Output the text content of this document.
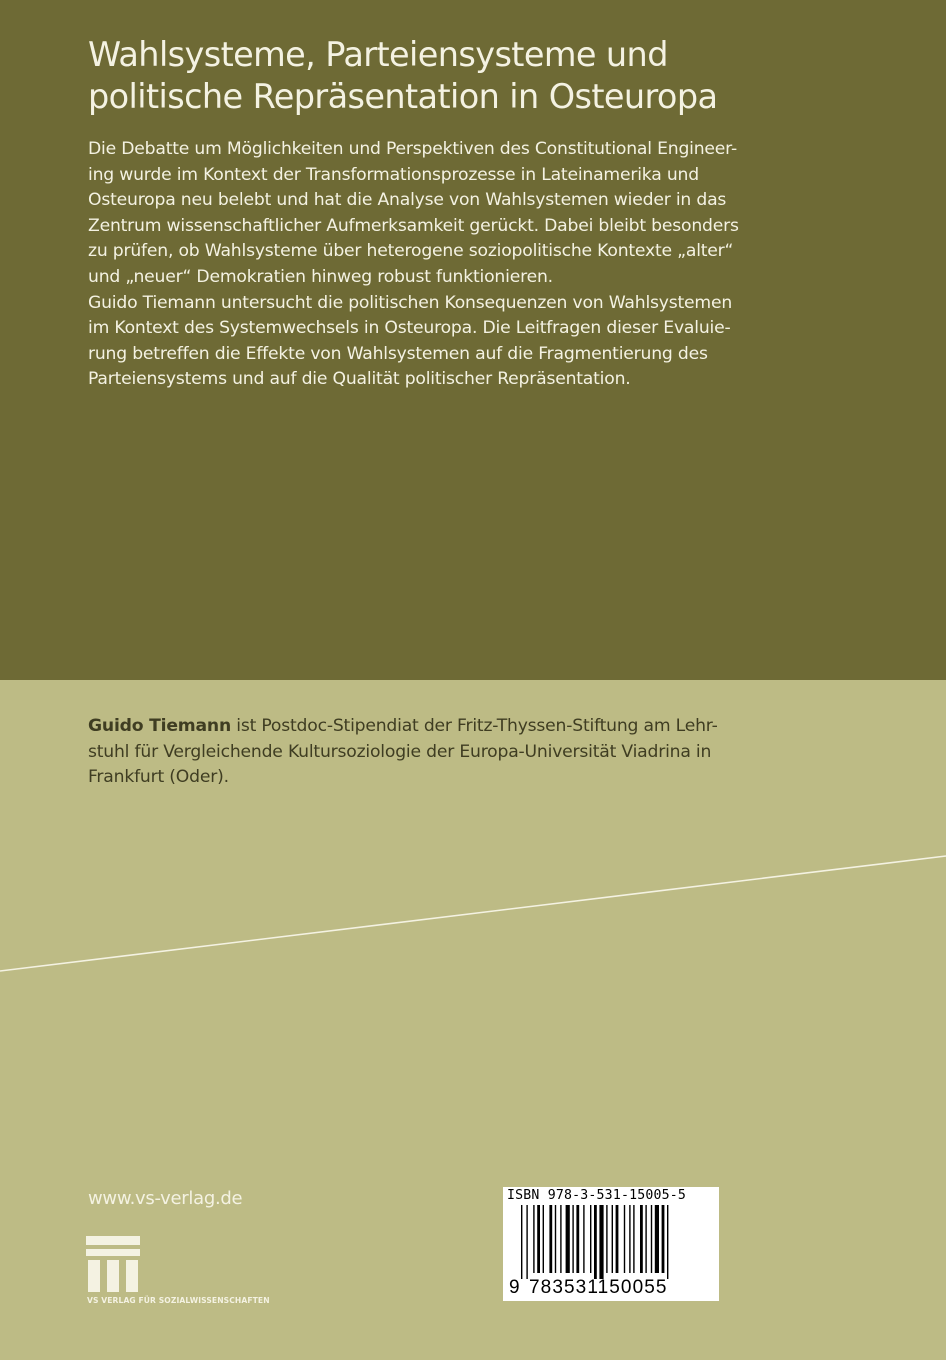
Wahlsysteme, Parteiensysteme und
politische Repräsentation in Osteuropa
Die Debatte um Möglichkeiten und Perspektiven des Constitutional Engineer-
ing wurde im Kontext der Transformationsprozesse in Lateinamerika und
Osteuropa neu belebt und hat die Analyse von Wahlsystemen wieder in das
Zentrum wissenschaftlicher Aufmerksamkeit gerückt. Dabei bleibt besonders
zu prüfen, ob Wahlsysteme über heterogene soziopolitische Kontexte „alter“
und „neuer“ Demokratien hinweg robust funktionieren.
Guido Tiemann untersucht die politischen Konsequenzen von Wahlsystemen
im Kontext des Systemwechsels in Osteuropa. Die Leitfragen dieser Evaluie-
rung betreffen die Effekte von Wahlsystemen auf die Fragmentierung des
Parteiensystems und auf die Qualität politischer Repräsentation.
Guido Tiemann ist Postdoc-Stipendiat der Fritz-Thyssen-Stiftung am Lehr-
stuhl für Vergleichende Kultursoziologie der Europa-Universität Viadrina in
Frankfurt (Oder).
www.vs-verlag.de
VS VERLAG FÜR SOZIALWISSENSCHAFTEN
ISBN 978-3-531-15005-5
9 783531150055
